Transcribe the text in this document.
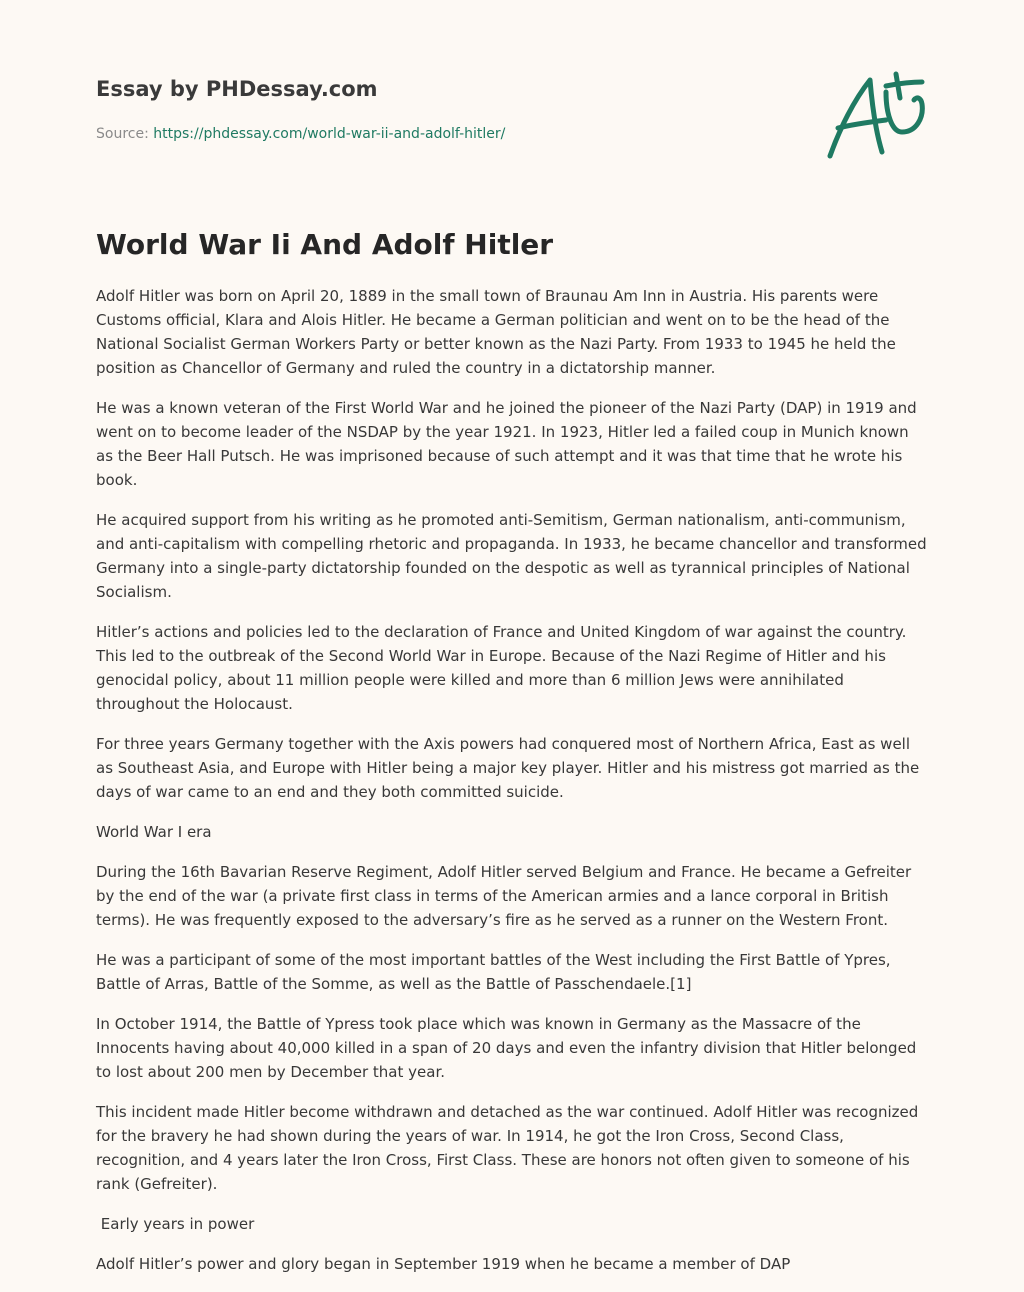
Essay by PHDessay.com
Source: https://phdessay.com/world-war-ii-and-adolf-hitler/
World War Ii And Adolf Hitler

Adolf Hitler was born on April 20, 1889 in the small town of Braunau Am Inn in Austria. His parents were Customs official, Klara and Alois Hitler. He became a German politician and went on to be the head of the National Socialist German Workers Party or better known as the Nazi Party. From 1933 to 1945 he held the position as Chancellor of Germany and ruled the country in a dictatorship manner.

He was a known veteran of the First World War and he joined the pioneer of the Nazi Party (DAP) in 1919 and went on to become leader of the NSDAP by the year 1921. In 1923, Hitler led a failed coup in Munich known as the Beer Hall Putsch. He was imprisoned because of such attempt and it was that time that he wrote his book.

He acquired support from his writing as he promoted anti-Semitism, German nationalism, anti-communism, and anti-capitalism with compelling rhetoric and propaganda. In 1933, he became chancellor and transformed Germany into a single-party dictatorship founded on the despotic as well as tyrannical principles of National Socialism.

Hitler’s actions and policies led to the declaration of France and United Kingdom of war against the country. This led to the outbreak of the Second World War in Europe. Because of the Nazi Regime of Hitler and his genocidal policy, about 11 million people were killed and more than 6 million Jews were annihilated throughout the Holocaust.

For three years Germany together with the Axis powers had conquered most of Northern Africa, East as well as Southeast Asia, and Europe with Hitler being a major key player. Hitler and his mistress got married as the days of war came to an end and they both committed suicide.

World War I era

During the 16th Bavarian Reserve Regiment, Adolf Hitler served Belgium and France. He became a Gefreiter by the end of the war (a private first class in terms of the American armies and a lance corporal in British terms). He was frequently exposed to the adversary’s fire as he served as a runner on the Western Front.

He was a participant of some of the most important battles of the West including the First Battle of Ypres, Battle of Arras, Battle of the Somme, as well as the Battle of Passchendaele.[1]

In October 1914, the Battle of Ypress took place which was known in Germany as the Massacre of the Innocents having about 40,000 killed in a span of 20 days and even the infantry division that Hitler belonged to lost about 200 men by December that year.

This incident made Hitler become withdrawn and detached as the war continued. Adolf Hitler was recognized for the bravery he had shown during the years of war. In 1914, he got the Iron Cross, Second Class, recognition, and 4 years later the Iron Cross, First Class. These are honors not often given to someone of his rank (Gefreiter).

Early years in power

Adolf Hitler’s power and glory began in September 1919 when he became a member of DAP
